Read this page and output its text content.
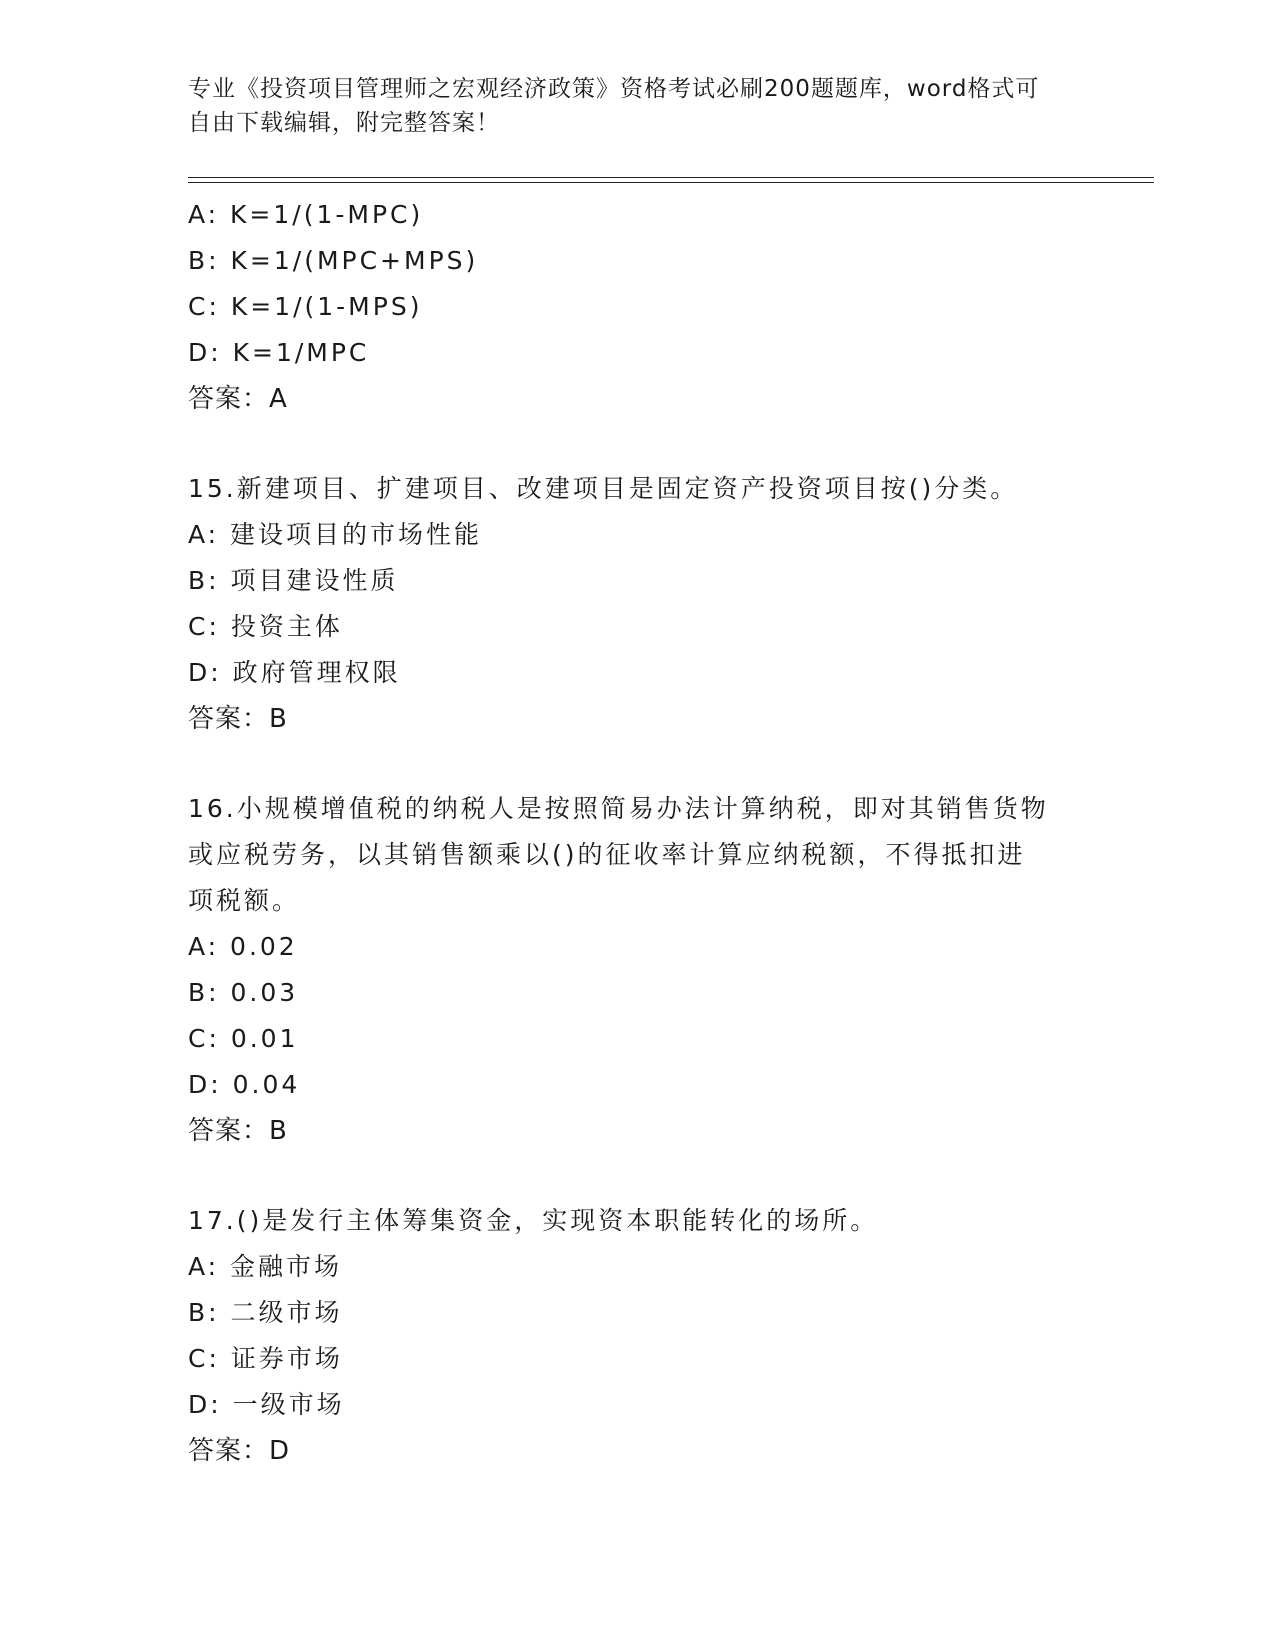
专业《投资项目管理师之宏观经济政策》资格考试必刷200题题库，word格式可
自由下载编辑，附完整答案！
A: K=1/(1-MPC)
B: K=1/(MPC+MPS)
C: K=1/(1-MPS)
D: K=1/MPC
答案：A
15.新建项目、扩建项目、改建项目是固定资产投资项目按()分类。
A: 建设项目的市场性能
B: 项目建设性质
C: 投资主体
D: 政府管理权限
答案：B
16.小规模增值税的纳税人是按照简易办法计算纳税，即对其销售货物
或应税劳务，以其销售额乘以()的征收率计算应纳税额，不得抵扣进
项税额。
A: 0.02
B: 0.03
C: 0.01
D: 0.04
答案：B
17.()是发行主体筹集资金，实现资本职能转化的场所。
A: 金融市场
B: 二级市场
C: 证券市场
D: 一级市场
答案：D
